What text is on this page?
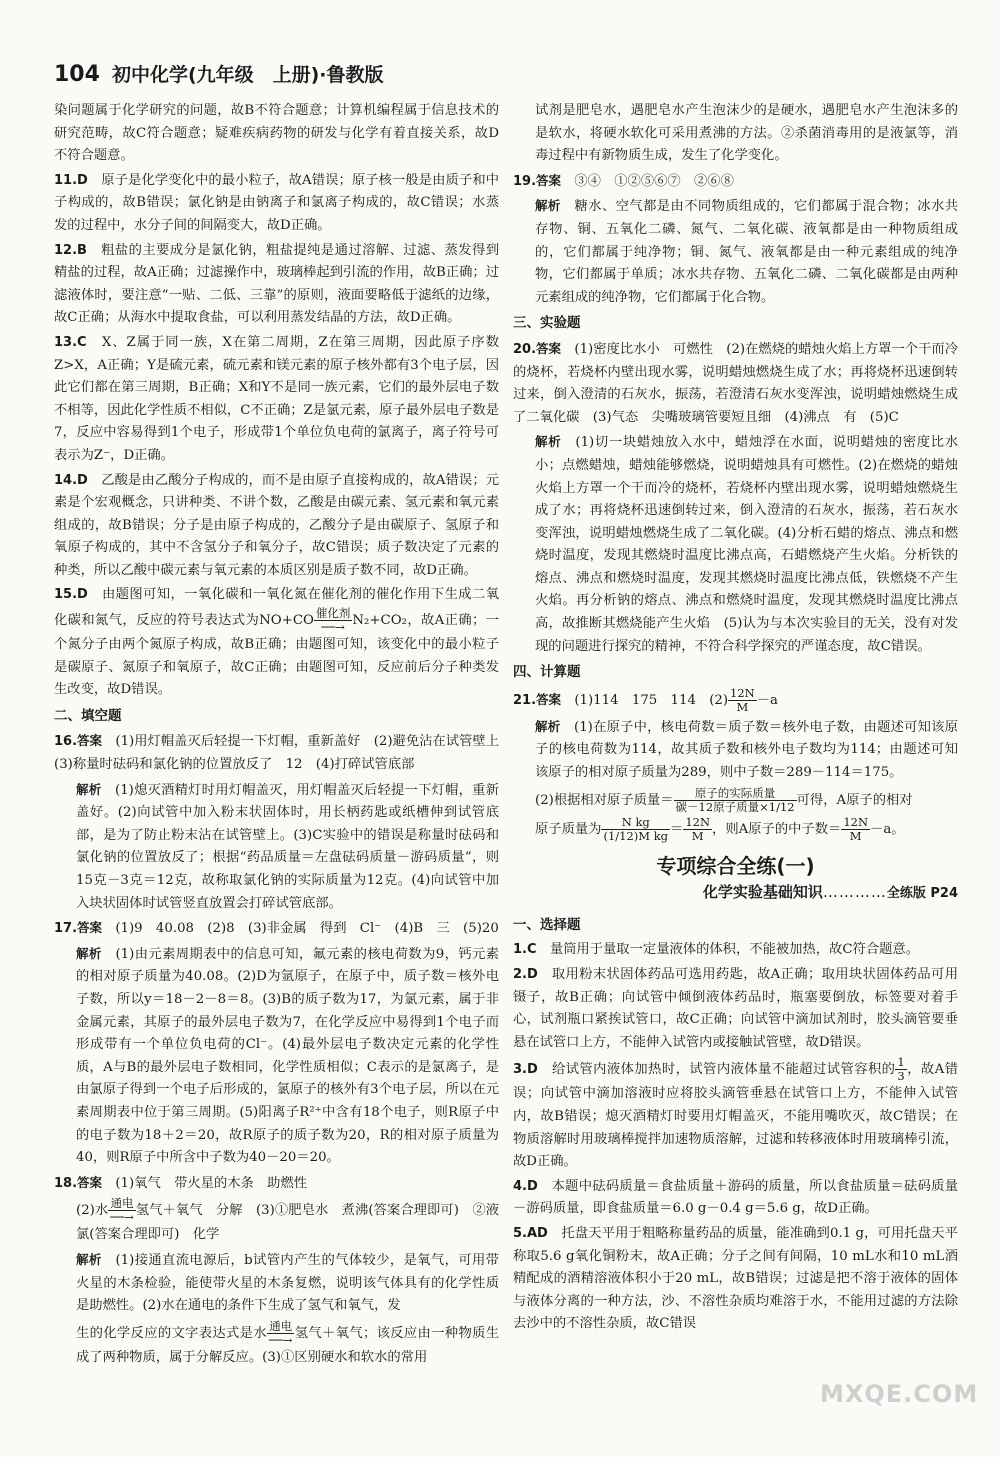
104 初中化学(九年级　上册)·鲁教版

染问题属于化学研究的问题，故B不符合题意；计算机编程属于信息技术的研究范畴，故C符合题意；疑难疾病药物的研发与化学有着直接关系，故D不符合题意。

11.D　 原子是化学变化中的最小粒子，故A错误；原子核一般是由质子和中子构成的，故B错误；氯化钠是由钠离子和氯离子构成的，故C错误；水蒸发的过程中，水分子间的间隔变大，故D正确。

12.B　 粗盐的主要成分是氯化钠，粗盐提纯是通过溶解、过滤、蒸发得到精盐的过程，故A正确；过滤操作中，玻璃棒起到引流的作用，故B正确；过滤液体时，要注意“一贴、二低、三靠”的原则，液面要略低于滤纸的边缘，故C正确；从海水中提取食盐，可以利用蒸发结晶的方法，故D正确。

13.C　 X、Z属于同一族，X在第二周期，Z在第三周期，因此原子序数Z>X，A正确；Y是硫元素，硫元素和镁元素的原子核外都有3个电子层，因此它们都在第三周期，B正确；X和Y不是同一族元素，它们的最外层电子数不相等，因此化学性质不相似，C不正确；Z是氯元素，原子最外层电子数是7，反应中容易得到1个电子，形成带1个单位负电荷的氯离子，离子符号可表示为Z⁻，D正确。

14.D　 乙酸是由乙酸分子构成的，而不是由原子直接构成的，故A错误；元素是个宏观概念，只讲种类、不讲个数，乙酸是由碳元素、氢元素和氧元素组成的，故B错误；分子是由原子构成的，乙酸分子是由碳原子、氢原子和氧原子构成的，其中不含氢分子和氧分子，故C错误；质子数决定了元素的种类，所以乙酸中碳元素与氧元素的本质区别是质子数不同，故D正确。

15.D　 由题图可知，一氧化碳和一氧化氮在催化剂的催化作用下生成二氧化碳和氮气，反应的符号表达式为$NO+CO \frac{\text{催化剂}}{──\to} N_2+CO_2$，故A正确；一个氮分子由两个氮原子构成，故B正确；由题图可知，该变化中的最小粒子是碳原子、氮原子和氧原子，故C正确；由题图可知，反应前后分子种类发生改变，故D错误。

二、填空题

16.答案　 (1)用灯帽盖灭后轻提一下灯帽，重新盖好　(2)避免沾在试管壁上　(3)称量时砝码和氯化钠的位置放反了　12　(4)打碎试管底部

解析　 (1)熄灭酒精灯时用灯帽盖灭，用灯帽盖灭后轻提一下灯帽，重新盖好。(2)向试管中加入粉末状固体时，用长柄药匙或纸槽伸到试管底部，是为了防止粉末沾在试管壁上。(3)C实验中的错误是称量时砝码和氯化钠的位置放反了；根据“药品质量＝左盘砝码质量－游码质量”，则15克－3克＝12克，故称取氯化钠的实际质量为12克。(4)向试管中加入块状固体时试管竖直放置会打碎试管底部。

17.答案　 (1)9　40.08　(2)8　(3)非金属　得到　Cl⁻　(4)B　三　(5)20

解析　 (1)由元素周期表中的信息可知，氟元素的核电荷数为9，钙元素的相对原子质量为40.08。(2)D为氩原子，在原子中，质子数＝核外电子数，所以y＝18－2－8＝8。(3)B的质子数为17，为氯元素，属于非金属元素，其原子的最外层电子数为7，在化学反应中易得到1个电子而形成带有一个单位负电荷的Cl⁻。(4)最外层电子数决定元素的化学性质，A与B的最外层电子数相同，化学性质相似；C表示的是氯离子，是由氯原子得到一个电子后形成的，氯原子的核外有3个电子层，所以在元素周期表中位于第三周期。(5)阳离子R²⁺中含有18个电子，则R原子中的电子数为18＋2＝20，故R原子的质子数为20，R的相对原子质量为40，则R原子中所含中子数为40－20＝20。

18.答案　 (1)氧气　带火星的木条　助燃性

(2)水 $\frac{\text{通电}}{──\to}$ 氢气＋氧气　分解　(3)①肥皂水　煮沸(答案合理即可)　②液氯(答案合理即可)　化学

解析　 (1)接通直流电源后，b试管内产生的气体较少，是氧气，可用带火星的木条检验，能使带火星的木条复燃，说明该气体具有的化学性质是助燃性。(2)水在通电的条件下生成了氢气和氧气，发

生的化学反应的文字表达式是水 $\frac{\text{通电}}{──\to}$ 氢气＋氧气；该反应由一种物质生成了两种物质，属于分解反应。(3)①区别硬水和软水的常用

试剂是肥皂水，遇肥皂水产生泡沫少的是硬水，遇肥皂水产生泡沫多的是软水，将硬水软化可采用煮沸的方法。②杀菌消毒用的是液氯等，消毒过程中有新物质生成，发生了化学变化。

19.答案　 ③④　①②⑤⑥⑦　②⑥⑧

解析　 糖水、空气都是由不同物质组成的，它们都属于混合物；冰水共存物、铜、五氧化二磷、氮气、二氧化碳、液氧都是由一种物质组成的，它们都属于纯净物；铜、氮气、液氧都是由一种元素组成的纯净物，它们都属于单质；冰水共存物、五氧化二磷、二氧化碳都是由两种元素组成的纯净物，它们都属于化合物。

三、实验题

20.答案　 (1)密度比水小　可燃性　(2)在燃烧的蜡烛火焰上方罩一个干而冷的烧杯，若烧杯内壁出现水雾，说明蜡烛燃烧生成了水；再将烧杯迅速倒转过来，倒入澄清的石灰水，振荡，若澄清石灰水变浑浊，说明蜡烛燃烧生成了二氧化碳　(3)气态　尖嘴玻璃管要短且细　(4)沸点　有　(5)C

解析　 (1)切一块蜡烛放入水中，蜡烛浮在水面，说明蜡烛的密度比水小；点燃蜡烛，蜡烛能够燃烧，说明蜡烛具有可燃性。(2)在燃烧的蜡烛火焰上方罩一个干而冷的烧杯，若烧杯内壁出现水雾，说明蜡烛燃烧生成了水；再将烧杯迅速倒转过来，倒入澄清的石灰水，振荡，若石灰水变浑浊，说明蜡烛燃烧生成了二氧化碳。(4)分析石蜡的熔点、沸点和燃烧时温度，发现其燃烧时温度比沸点高，石蜡燃烧产生火焰。分析铁的熔点、沸点和燃烧时温度，发现其燃烧时温度比沸点低，铁燃烧不产生火焰。再分析钠的熔点、沸点和燃烧时温度，发现其燃烧时温度比沸点高，故推断其燃烧能产生火焰　(5)认为与本次实验目的无关，没有对发现的问题进行探究的精神，不符合科学探究的严谨态度，故C错误。

四、计算题

21.答案　 (1)114　175　114　$(2) \frac{12N}{M} -a$

解析　 (1)在原子中，核电荷数＝质子数＝核外电子数，由题述可知该原子的核电荷数为114，故其质子数和核外电子数均为114；由题述可知该原子的相对原子质量为289，则中子数＝289－114＝175。

(2)根据相对原子质量＝ $\frac{\text{原子的实际质量}}{\text{碳－12原子质量×1/12}}$ 可得，A原子的相对

原子质量为 $\frac{\text{N kg}}{\text{(1/12)M kg}} = \frac{12N}{M}$ ，则A原子的中子数＝ $\frac{12N}{M} -a$。

专项综合全练(一)
化学实验基础知识…………全练版 P24
一、选择题

1.C　 量筒用于量取一定量液体的体积，不能被加热，故C符合题意。

2.D　 取用粉末状固体药品可选用药匙，故A正确；取用块状固体药品可用镊子，故B正确；向试管中倾倒液体药品时，瓶塞要倒放，标签要对着手心，试剂瓶口紧挨试管口，故C正确；向试管中滴加试剂时，胶头滴管要垂悬在试管口上方，不能伸入试管内或接触试管壁，故D错误。

3.D　 给试管内液体加热时，试管内液体量不能超过试管容积的 $\frac{1}{3}$ ，故A错误；向试管中滴加溶液时应将胶头滴管垂悬在试管口上方，不能伸入试管内，故B错误；熄灭酒精灯时要用灯帽盖灭，不能用嘴吹灭，故C错误；在物质溶解时用玻璃棒搅拌加速物质溶解，过滤和转移液体时用玻璃棒引流，故D正确。

4.D　 本题中砝码质量＝食盐质量＋游码的质量，所以食盐质量＝砝码质量－游码质量，即食盐质量＝6.0 g－0.4 g＝5.6 g，故D正确。

5.AD　 托盘天平用于粗略称量药品的质量，能准确到0.1 g，可用托盘天平称取5.6 g氧化铜粉末，故A正确；分子之间有间隔，10 mL水和10 mL酒精配成的酒精溶液体积小于20 mL，故B错误；过滤是把不溶于液体的固体与液体分离的一种方法，沙、不溶性杂质均难溶于水，不能用过滤的方法除去沙中的不溶性杂质，故C错误

MXQE.COM
